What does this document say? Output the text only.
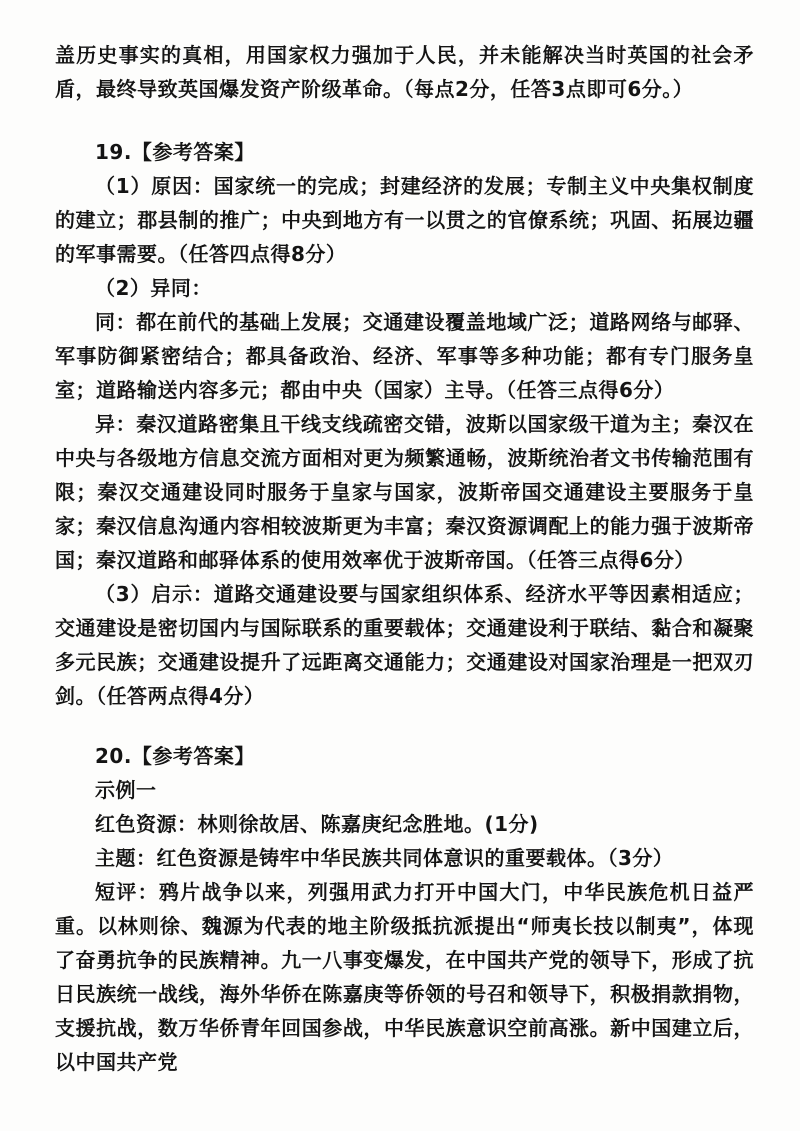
盖历史事实的真相，用国家权力强加于人民，并未能解决当时英国的社会矛盾，最终导致英国爆发资产阶级革命。（每点2分，任答3点即可6分。）

19.【参考答案】

（1）原因：国家统一的完成；封建经济的发展；专制主义中央集权制度的建立；郡县制的推广；中央到地方有一以贯之的官僚系统；巩固、拓展边疆的军事需要。（任答四点得8分）

（2）异同：

同：都在前代的基础上发展；交通建设覆盖地域广泛；道路网络与邮驿、军事防御紧密结合；都具备政治、经济、军事等多种功能；都有专门服务皇室；道路输送内容多元；都由中央（国家）主导。（任答三点得6分）

异：秦汉道路密集且干线支线疏密交错，波斯以国家级干道为主；秦汉在中央与各级地方信息交流方面相对更为频繁通畅，波斯统治者文书传输范围有限；秦汉交通建设同时服务于皇家与国家，波斯帝国交通建设主要服务于皇家；秦汉信息沟通内容相较波斯更为丰富；秦汉资源调配上的能力强于波斯帝国；秦汉道路和邮驿体系的使用效率优于波斯帝国。（任答三点得6分）

（3）启示：道路交通建设要与国家组织体系、经济水平等因素相适应；交通建设是密切国内与国际联系的重要载体；交通建设利于联结、黏合和凝聚多元民族；交通建设提升了远距离交通能力；交通建设对国家治理是一把双刃剑。（任答两点得4分）

20.【参考答案】

示例一

红色资源：林则徐故居、陈嘉庚纪念胜地。(1分)

主题：红色资源是铸牢中华民族共同体意识的重要载体。（3分）

短评：鸦片战争以来，列强用武力打开中国大门，中华民族危机日益严重。以林则徐、魏源为代表的地主阶级抵抗派提出“师夷长技以制夷”，体现了奋勇抗争的民族精神。九一八事变爆发，在中国共产党的领导下，形成了抗日民族统一战线，海外华侨在陈嘉庚等侨领的号召和领导下，积极捐款捐物，支援抗战，数万华侨青年回国参战，中华民族意识空前高涨。新中国建立后，以中国共产党
